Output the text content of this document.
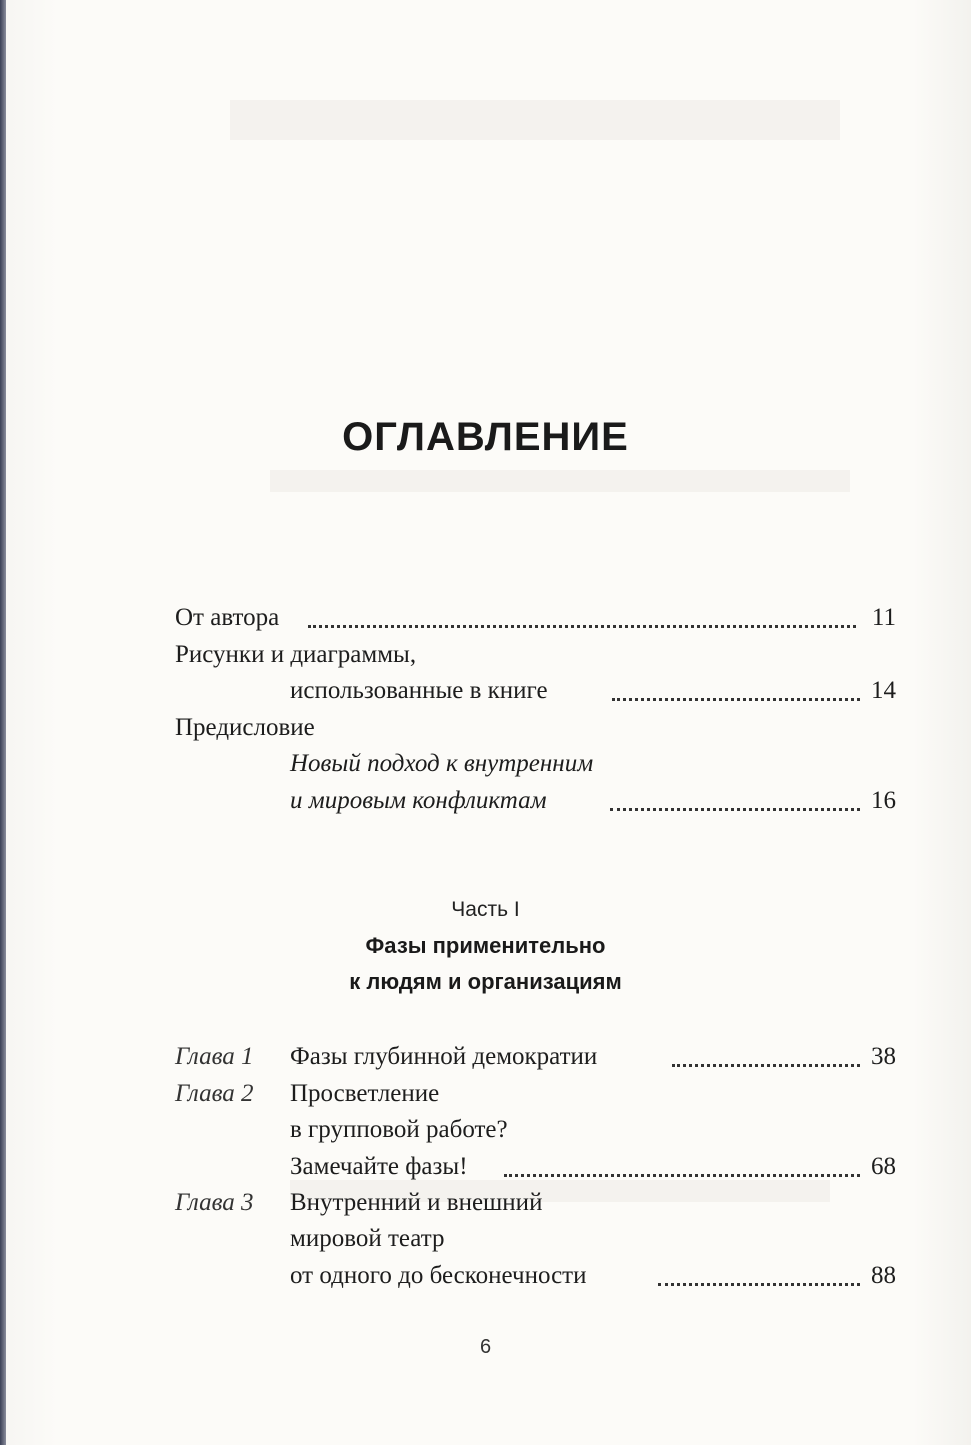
ОГЛАВЛЕНИЕ
От автора	11
Рисунки и диаграммы,
использованные в книге	14
Предисловие
Новый подход к внутренним
и мировым конфликтам	16
Часть I
Фазы применительно
к людям и организациям
Глава 1 Фазы глубинной демократии	38
Глава 2 Просветление
в групповой работе?
Замечайте фазы!	68
Глава 3 Внутренний и внешний
мировой театр
от одного до бесконечности	88
6
